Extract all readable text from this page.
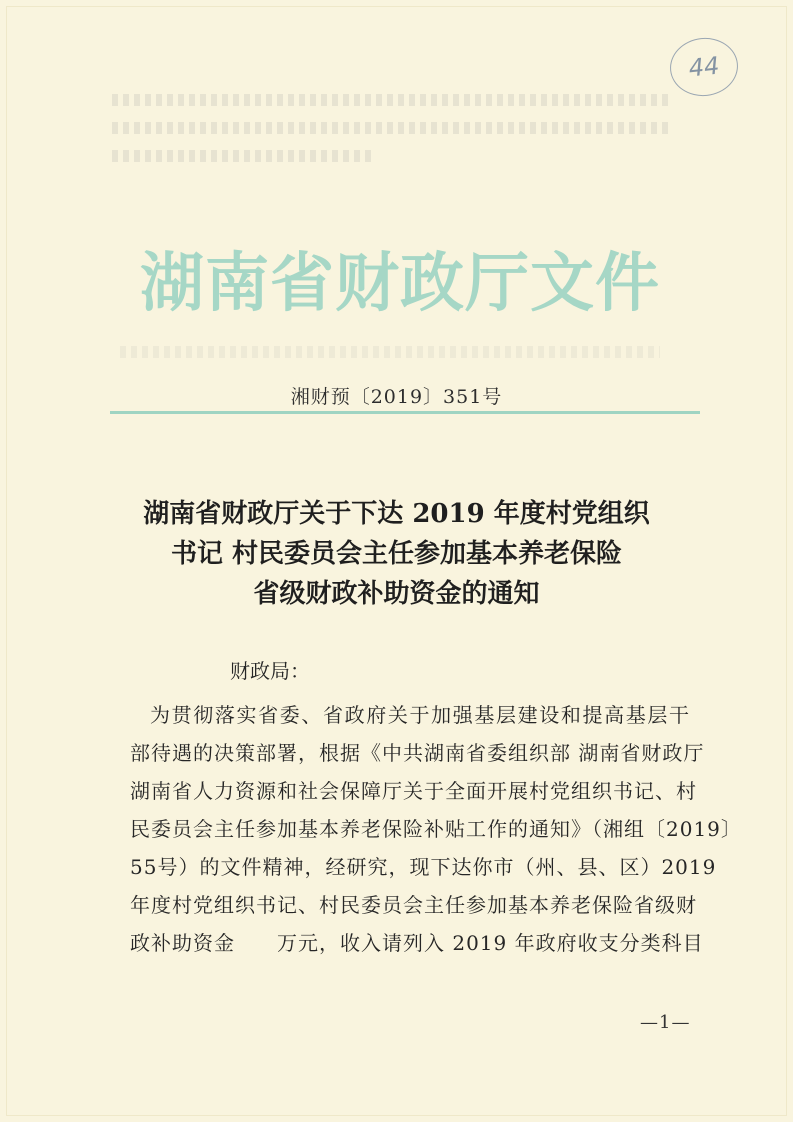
44
湖南省财政厅文件
湘财预〔2019〕351号
湖南省财政厅关于下达 2019 年度村党组织
书记 村民委员会主任参加基本养老保险
省级财政补助资金的通知
财政局：
为贯彻落实省委、省政府关于加强基层建设和提高基层干
部待遇的决策部署，根据《中共湖南省委组织部 湖南省财政厅
湖南省人力资源和社会保障厅关于全面开展村党组织书记、村
民委员会主任参加基本养老保险补贴工作的通知》（湘组〔2019〕
55号）的文件精神，经研究，现下达你市（州、县、区）2019
年度村党组织书记、村民委员会主任参加基本养老保险省级财
政补助资金　　万元，收入请列入 2019 年政府收支分类科目
—1—
